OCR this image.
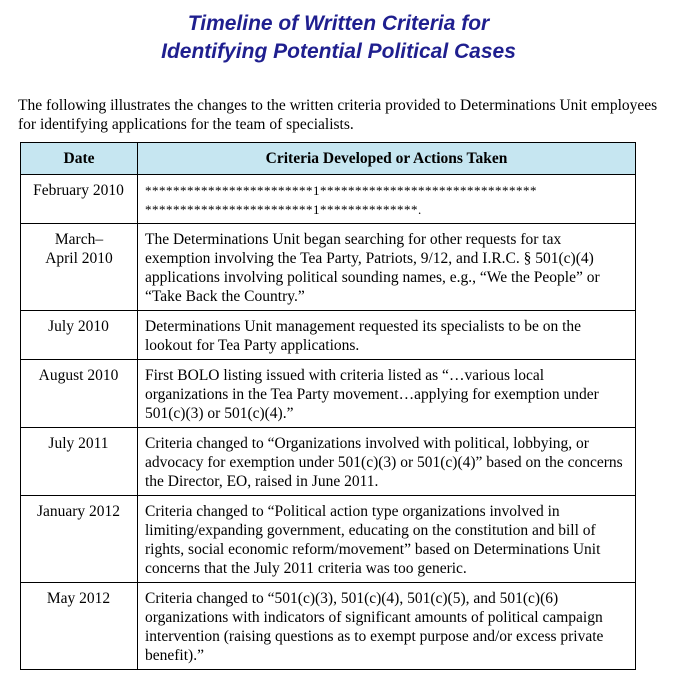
Timeline of Written Criteria for
Identifying Potential Political Cases
The following illustrates the changes to the written criteria provided to Determinations Unit employees for identifying applications for the team of specialists.
Date	Criteria Developed or Actions Taken
February 2010	************************1*******************************
************************1**************.
March–April 2010	The Determinations Unit began searching for other requests for tax exemption involving the Tea Party, Patriots, 9/12, and I.R.C. § 501(c)(4) applications involving political sounding names, e.g., “We the People” or “Take Back the Country.”
July 2010	Determinations Unit management requested its specialists to be on the lookout for Tea Party applications.
August 2010	First BOLO listing issued with criteria listed as “…various local organizations in the Tea Party movement…applying for exemption under 501(c)(3) or 501(c)(4).”
July 2011	Criteria changed to “Organizations involved with political, lobbying, or advocacy for exemption under 501(c)(3) or 501(c)(4)” based on the concerns the Director, EO, raised in June 2011.
January 2012	Criteria changed to “Political action type organizations involved in limiting/expanding government, educating on the constitution and bill of rights, social economic reform/movement” based on Determinations Unit concerns that the July 2011 criteria was too generic.
May 2012	Criteria changed to “501(c)(3), 501(c)(4), 501(c)(5), and 501(c)(6) organizations with indicators of significant amounts of political campaign intervention (raising questions as to exempt purpose and/or excess private benefit).”
